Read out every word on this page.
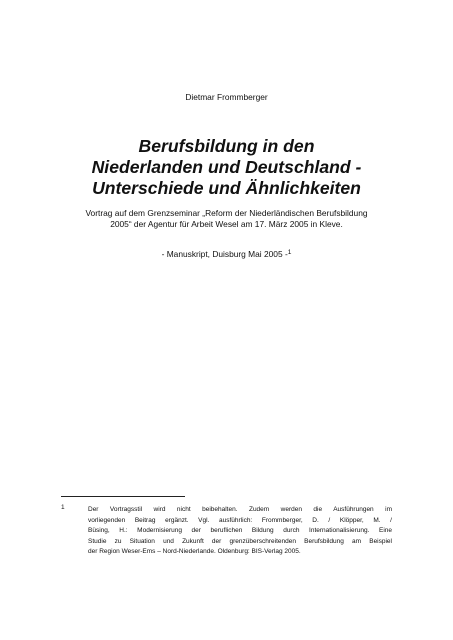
Dietmar Frommberger
Berufsbildung in den
Niederlanden und Deutschland -
Unterschiede und Ähnlichkeiten
Vortrag auf dem Grenzseminar „Reform der Niederländischen Berufsbildung
2005“ der Agentur für Arbeit Wesel am 17. März 2005 in Kleve.
- Manuskript, Duisburg Mai 2005 -$^1$
1	Der Vortragsstil wird nicht beibehalten. Zudem werden die Ausführungen im
vorliegenden Beitrag ergänzt. Vgl. ausführlich: Frommberger, D. / Klöpper, M. /
Büsing, H.: Modernisierung der beruflichen Bildung durch Internationalisierung. Eine
Studie zu Situation und Zukunft der grenzüberschreitenden Berufsbildung am Beispiel
der Region Weser-Ems – Nord-Niederlande. Oldenburg: BIS-Verlag 2005.
